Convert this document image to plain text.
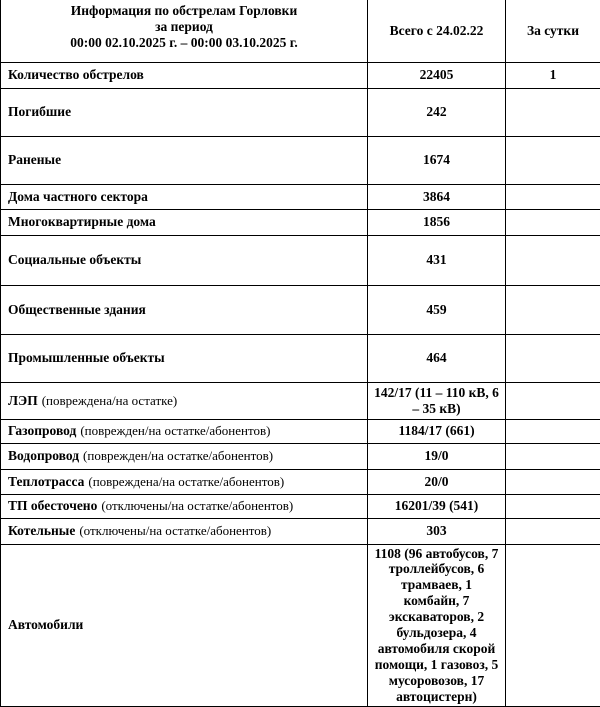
Информация по обстрелам Горловки
за период
00:00 02.10.2025 г. – 00:00 03.10.2025 г.	Всего с 24.02.22	За сутки
Количество обстрелов	22405	1
Погибшие	242	
Раненые	1674	
Дома частного сектора	3864	
Многоквартирные дома	1856	
Социальные объекты	431	
Общественные здания	459	
Промышленные объекты	464	
ЛЭП (повреждена/на остатке)	142/17 (11 – 110 кВ, 6 – 35 кВ)	
Газопровод (поврежден/на остатке/абонентов)	1184/17 (661)	
Водопровод (поврежден/на остатке/абонентов)	19/0	
Теплотрасса (повреждена/на остатке/абонентов)	20/0	
ТП обесточено (отключены/на остатке/абонентов)	16201/39 (541)	
Котельные (отключены/на остатке/абонентов)	303	
Автомобили	1108 (96 автобусов, 7 троллейбусов, 6 трамваев, 1 комбайн, 7 экскаваторов, 2 бульдозера, 4 автомобиля скорой помощи, 1 газовоз, 5 мусоровозов, 17 автоцистерн)	
